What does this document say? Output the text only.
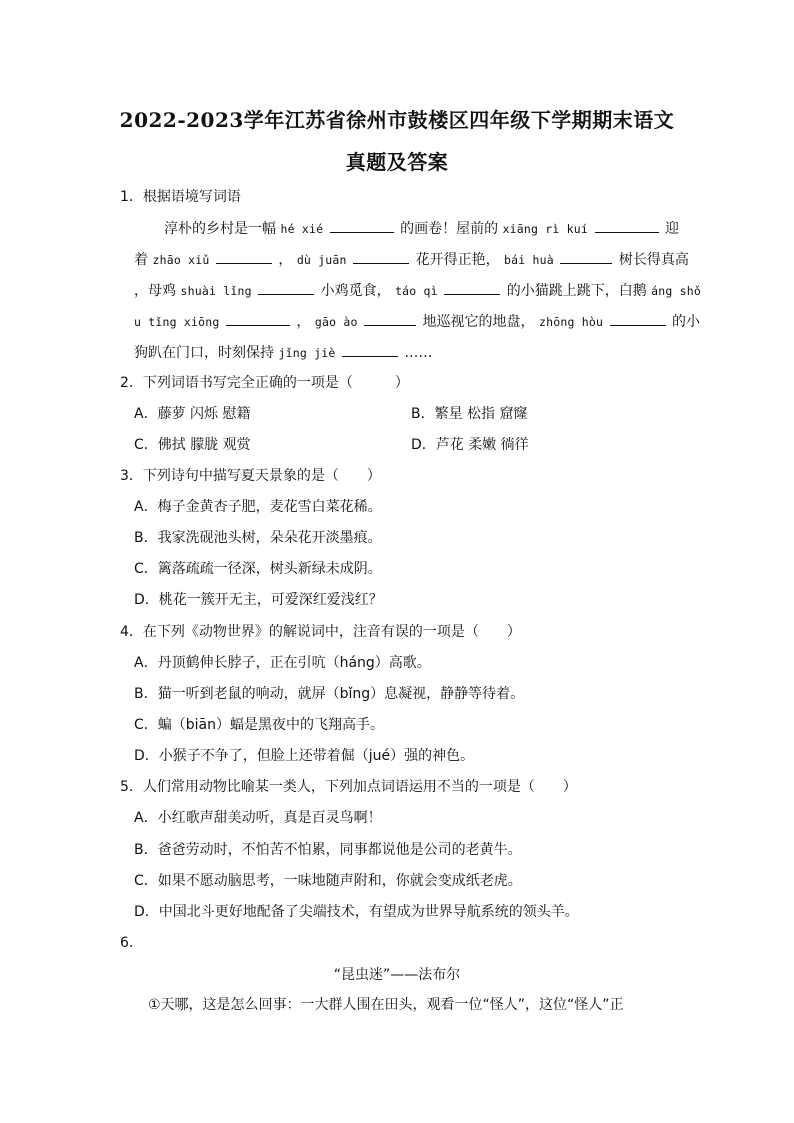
2022-2023学年江苏省徐州市鼓楼区四年级下学期期末语文
真题及答案
1．根据语境写词语
淳朴的乡村是一幅 hé xié	的画卷！屋前的 xiāng rì kuí	迎
着 zhāo xiǔ	， dù juān	花开得正艳， bái huà	树长得真高
，母鸡 shuài lǐng	小鸡觅食， táo qì	的小猫跳上跳下，白鹅 áng shǒ
u tǐng xiōng	， gāo ào	地巡视它的地盘， zhōng hòu	的小
狗趴在门口，时刻保持 jǐng jiè	……
2．下列词语书写完全正确的一项是（　　　）
A．藤萝 闪烁 慰籍	B．繁星 松指 窟窿
C．佛拭 朦胧 观赏	D．芦花 柔嫩 徜徉
3．下列诗句中描写夏天景象的是（　　）
A．梅子金黄杏子肥，麦花雪白菜花稀。
B．我家洗砚池头树，朵朵花开淡墨痕。
C．篱落疏疏一径深，树头新绿未成阴。
D．桃花一簇开无主，可爱深红爱浅红？
4．在下列《动物世界》的解说词中，注音有误的一项是（　　）
A．丹顶鹤伸长脖子，正在引吭（háng）高歌。
B．猫一听到老鼠的响动，就屏（bǐng）息凝视，静静等待着。
C．蝙（biān）蝠是黑夜中的飞翔高手。
D．小猴子不争了，但脸上还带着倔（jué）强的神色。
5．人们常用动物比喻某一类人，下列加点词语运用不当的一项是（　　）
A．小红歌声甜美动听，真是百灵鸟啊！
B．爸爸劳动时，不怕苦不怕累，同事都说他是公司的老黄牛。
C．如果不愿动脑思考，一味地随声附和，你就会变成纸老虎。
D．中国北斗更好地配备了尖端技术，有望成为世界导航系统的领头羊。
6．
“昆虫迷”——法布尔
①天哪，这是怎么回事：一大群人围在田头，观看一位“怪人”，这位“怪人”正
